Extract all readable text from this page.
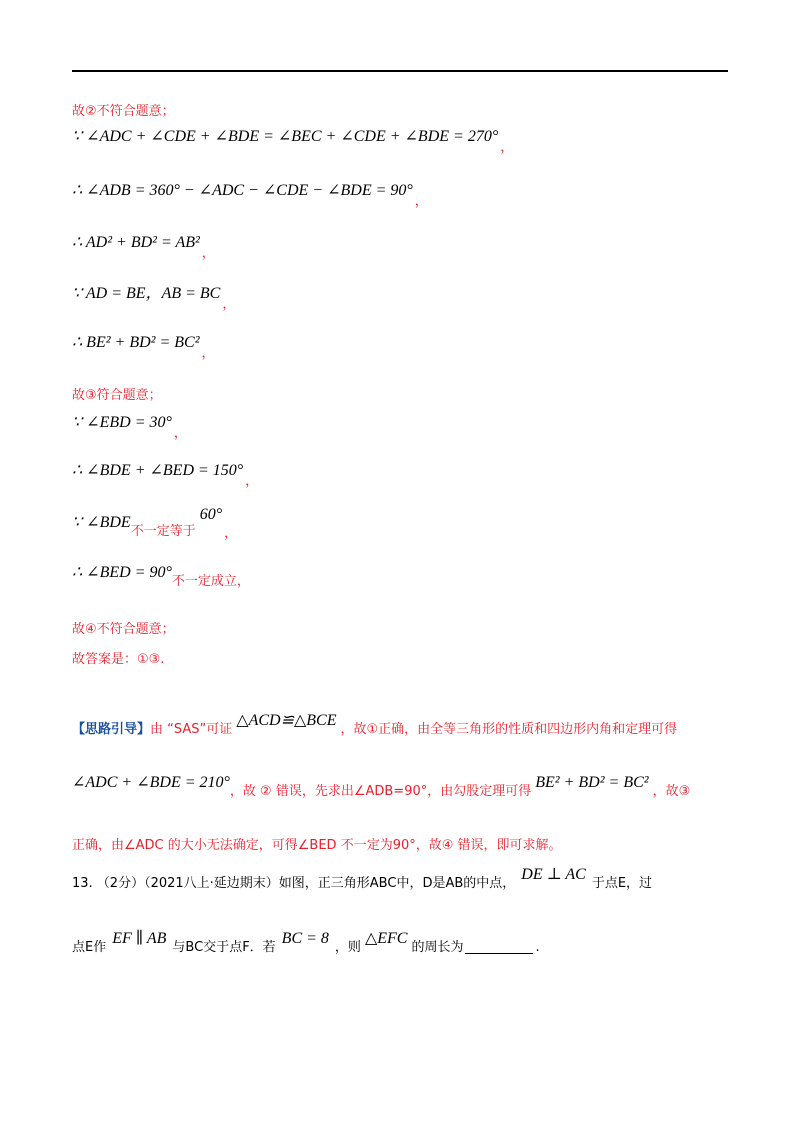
故②不符合题意；
∵ ∠ADC + ∠CDE + ∠BDE = ∠BEC + ∠CDE + ∠BDE = $270^\circ_,$
∴ ∠ADB = 360° − ∠ADC − ∠CDE − ∠BDE = $90^\circ_,$
∴ $AD^2 + BD^2 = AB^2_,$
∵ AD = BE，AB = $BC_,$
∴ $BE^2 + BD^2 = BC^2_,$
故③符合题意；
∵ ∠EBD = $30^\circ_,$
∴ ∠BDE + ∠BED = $150^\circ_,$
∵ $\angle BDE_{不一定等于}60^\circ_,$
∴ ∠BED = $90^\circ_{不一定成立,}$
故④不符合题意；
故答案是：①③.
【思路引导】由 “SAS”可证△ACD≌△BCE，故①正确，由全等三角形的性质和四边形内角和定理可得
∠ADC + ∠BDE = 210°，故 ② 错误，先求出∠ADB=90°，由勾股定理可得BE² + BD² = BC²，故③
正确，由∠ADC 的大小无法确定，可得∠BED 不一定为90°，故④ 错误，即可求解。
13. （2分）（2021八上·延边期末）如图，正三角形ABC中，D是AB的中点，DE ⊥ AC于点E，过
点E作EF ∥ AB与BC交于点F．若BC = 8，则△EFC的周长为	.
